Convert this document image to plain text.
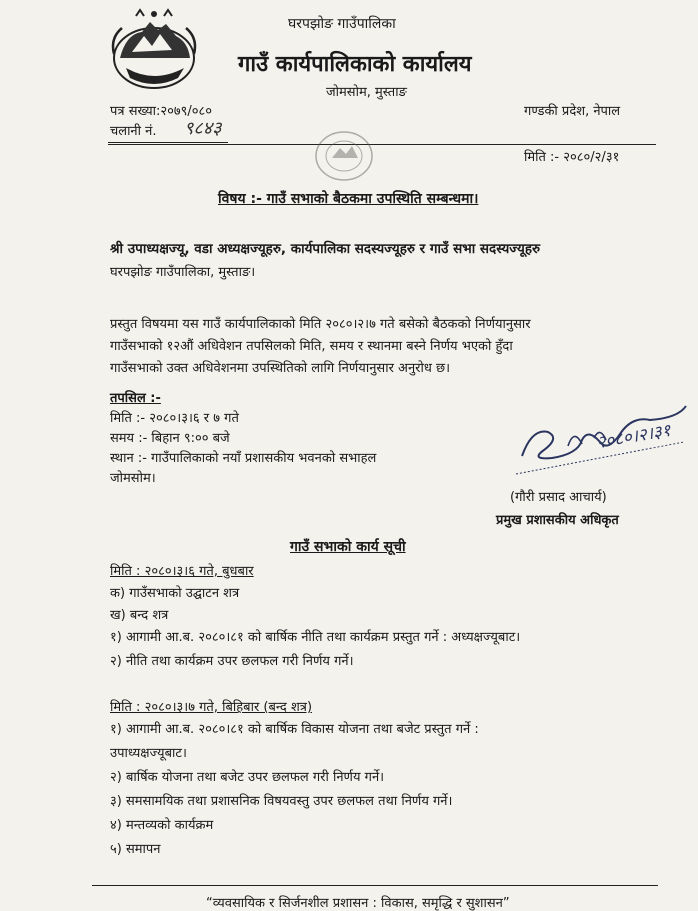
घरपझोङ गाउँपालिका
गाउँ कार्यपालिकाको कार्यालय
जोमसोम, मुस्ताङ
पत्र सख्या:२०७९/०८०	गण्डकी प्रदेश, नेपाल
चलानी नं. ९८४३
मिति :- २०८०/२/३१
विषय :- गाउँ सभाको बैठकमा उपस्थिति सम्बन्धमा।
श्री उपाध्यक्षज्यू, वडा अध्यक्षज्यूहरु, कार्यपालिका सदस्यज्यूहरु र गाउँ सभा सदस्यज्यूहरु
घरपझोङ गाउँपालिका, मुस्ताङ।
प्रस्तुत विषयमा यस गाउँ कार्यपालिकाको मिति २०८०।२।७ गते बसेको बैठकको निर्णयानुसार
गाउँसभाको १२औं अधिवेशन तपसिलको मिति, समय र स्थानमा बस्ने निर्णय भएको हुँदा
गाउँसभाको उक्त अधिवेशनमा उपस्थितिको लागि निर्णयानुसार अनुरोध छ।
तपसिल :-
मिति :- २०८०।३।६ र ७ गते
समय :- बिहान ९:०० बजे
स्थान :- गाउँपालिकाको नयाँ प्रशासकीय भवनको सभाहल
जोमसोम।
२०८०।२।३१
(गौरी प्रसाद आचार्य)
प्रमुख प्रशासकीय अधिकृत
गाउँ सभाको कार्य सूची
मिति : २०८०।३।६ गते, बुधबार
क) गाउँसभाको उद्घाटन शत्र
ख) बन्द शत्र
१) आगामी आ.ब. २०८०।८१ को बार्षिक नीति तथा कार्यक्रम प्रस्तुत गर्ने : अध्यक्षज्यूबाट।
२) नीति तथा कार्यक्रम उपर छलफल गरी निर्णय गर्ने।
मिति : २०८०।३।७ गते, बिहिबार (बन्द शत्र)
१) आगामी आ.ब. २०८०।८१ को बार्षिक विकास योजना तथा बजेट प्रस्तुत गर्ने :
उपाध्यक्षज्यूबाट।
२) बार्षिक योजना तथा बजेट उपर छलफल गरी निर्णय गर्ने।
३) समसामयिक तथा प्रशासनिक विषयवस्तु उपर छलफल तथा निर्णय गर्ने।
४) मन्तव्यको कार्यक्रम
५) समापन
“व्यवसायिक र सिर्जनशील प्रशासन : विकास, समृद्धि र सुशासन”
